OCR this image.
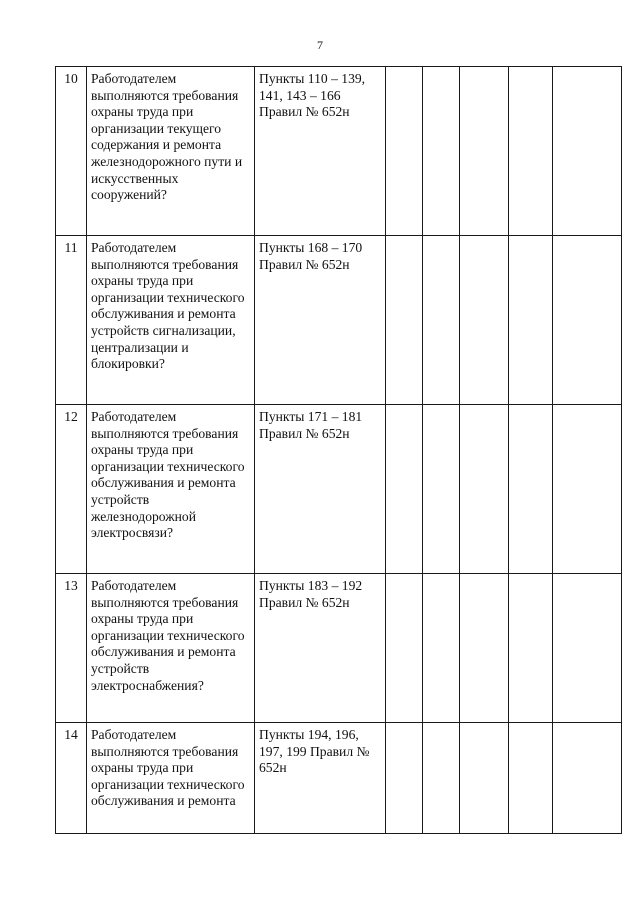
7
10	Работодателем выполняются требования охраны труда при организации текущего содержания и ремонта железнодорожного пути и искусственных сооружений?	Пункты 110 – 139, 141, 143 – 166 Правил № 652н					

11	Работодателем выполняются требования охраны труда при организации технического обслуживания и ремонта устройств сигнализации, централизации и блокировки?	Пункты 168 – 170 Правил № 652н					

12	Работодателем выполняются требования охраны труда при организации технического обслуживания и ремонта устройств железнодорожной электросвязи?	Пункты 171 – 181 Правил № 652н					

13	Работодателем выполняются требования охраны труда при организации технического обслуживания и ремонта устройств электроснабжения?	Пункты 183 – 192 Правил № 652н					

14	Работодателем выполняются требования охраны труда при организации технического обслуживания и ремонта	Пункты 194, 196, 197, 199 Правил № 652н					
